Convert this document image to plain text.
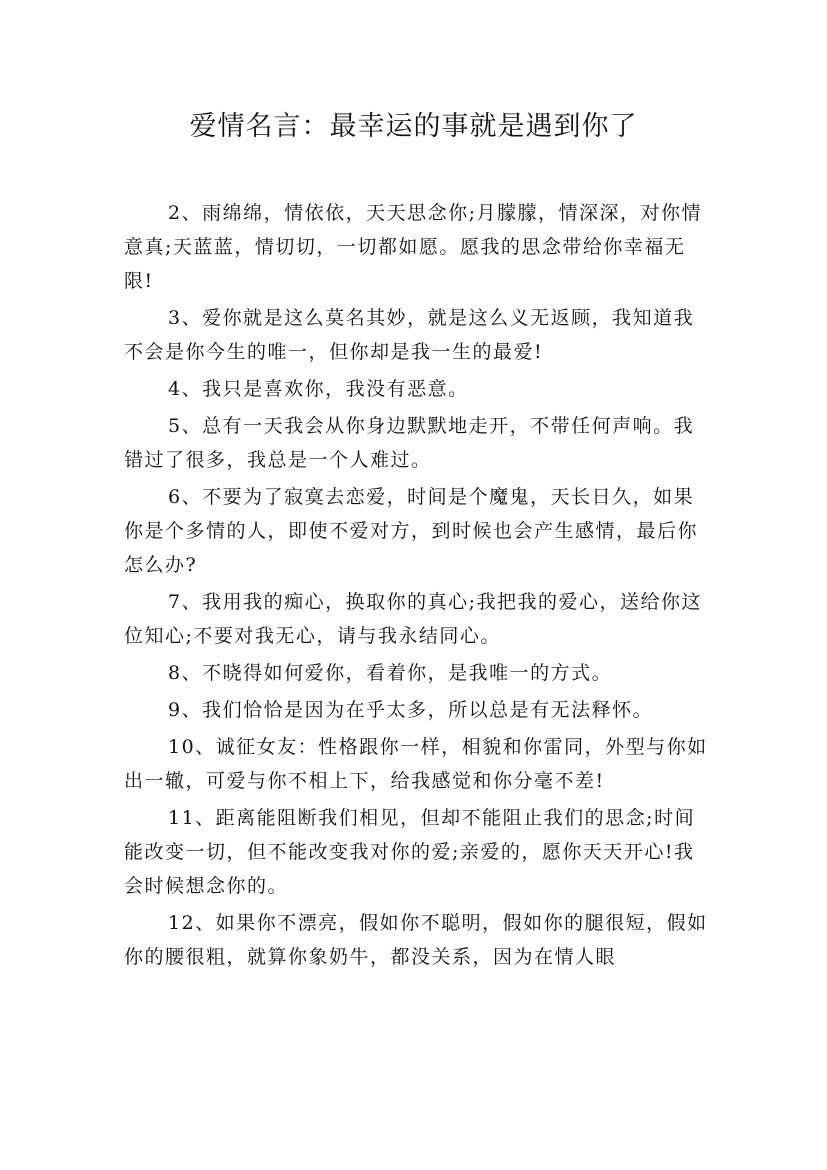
爱情名言：最幸运的事就是遇到你了

2、雨绵绵，情依依，天天思念你;月朦朦，情深深，对你情意真;天蓝蓝，情切切，一切都如愿。愿我的思念带给你幸福无限!

3、爱你就是这么莫名其妙，就是这么义无返顾，我知道我不会是你今生的唯一，但你却是我一生的最爱!

4、我只是喜欢你，我没有恶意。

5、总有一天我会从你身边默默地走开，不带任何声响。我错过了很多，我总是一个人难过。

6、不要为了寂寞去恋爱，时间是个魔鬼，天长日久，如果你是个多情的人，即使不爱对方，到时候也会产生感情，最后你怎么办?

7、我用我的痴心，换取你的真心;我把我的爱心，送给你这位知心;不要对我无心，请与我永结同心。

8、不晓得如何爱你，看着你，是我唯一的方式。

9、我们恰恰是因为在乎太多，所以总是有无法释怀。

10、诚征女友：性格跟你一样，相貌和你雷同，外型与你如出一辙，可爱与你不相上下，给我感觉和你分毫不差!

11、距离能阻断我们相见，但却不能阻止我们的思念;时间能改变一切，但不能改变我对你的爱;亲爱的，愿你天天开心!我会时候想念你的。

12、如果你不漂亮，假如你不聪明，假如你的腿很短，假如你的腰很粗，就算你象奶牛，都没关系，因为在情人眼
